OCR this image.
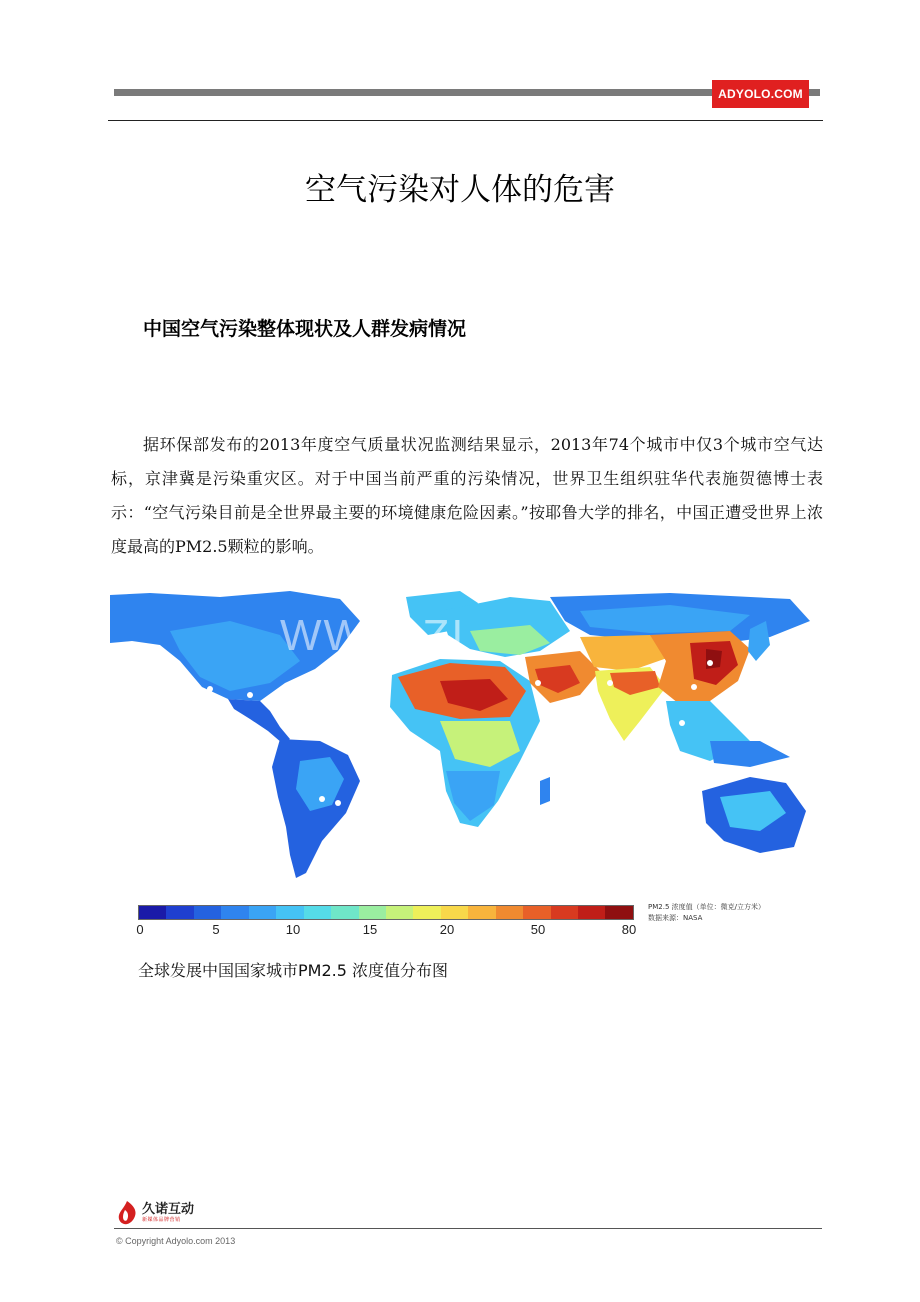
ADYOLO.COM
空气污染对人体的危害
中国空气污染整体现状及人群发病情况

据环保部发布的2013年度空气质量状况监测结果显示，2013年74个城市中仅3个城市空气达标，京津冀是污染重灾区。对于中国当前严重的污染情况，世界卫生组织驻华代表施贺德博士表示：“空气污染目前是全世界最主要的环境健康危险因素。”按耶鲁大学的排名，中国正遭受世界上浓度最高的PM2.5颗粒的影响。

WWW.ZI
0	5	10	15	20	50	80
PM2.5 浓度值（单位：微克/立方米）
数据来源：NASA
全球发展中国国家城市PM2.5 浓度值分布图
久诺互动
新媒体品牌营销
© Copyright Adyolo.com 2013
